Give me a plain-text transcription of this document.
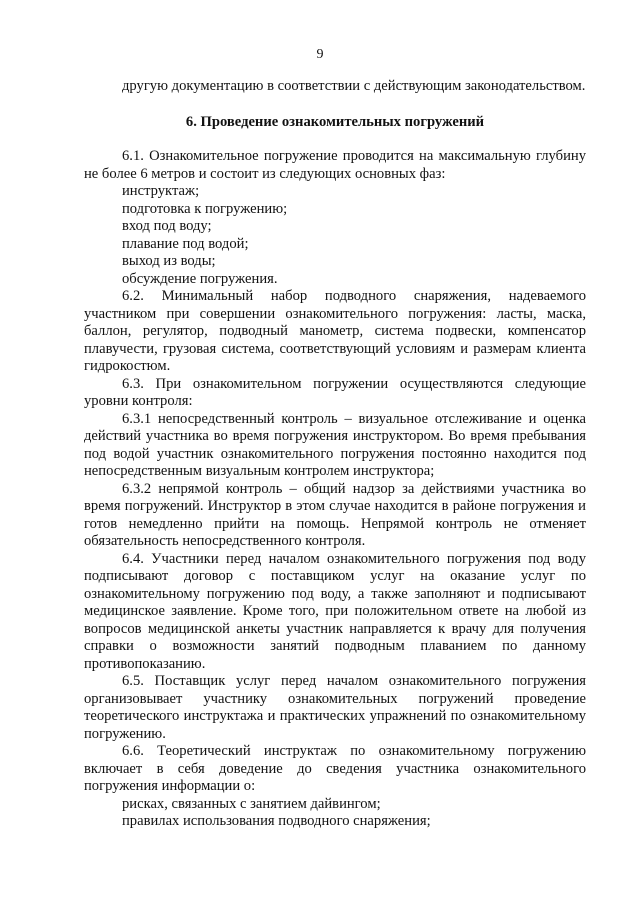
9

другую документацию в соответствии с действующим законодательством.

6. Проведение ознакомительных погружений

6.1. Ознакомительное погружение проводится на максимальную глубину не более 6 метров и состоит из следующих основных фаз:

инструктаж;

подготовка к погружению;

вход под воду;

плавание под водой;

выход из воды;

обсуждение погружения.

6.2. Минимальный набор подводного снаряжения, надеваемого участником при совершении ознакомительного погружения: ласты, маска, баллон, регулятор, подводный манометр, система подвески, компенсатор плавучести, грузовая система, соответствующий условиям и размерам клиента гидрокостюм.

6.3. При ознакомительном погружении осуществляются следующие уровни контроля:

6.3.1 непосредственный контроль – визуальное отслеживание и оценка действий участника во время погружения инструктором. Во время пребывания под водой участник ознакомительного погружения постоянно находится под непосредственным визуальным контролем инструктора;

6.3.2 непрямой контроль – общий надзор за действиями участника во время погружений. Инструктор в этом случае находится в районе погружения и готов немедленно прийти на помощь. Непрямой контроль не отменяет обязательность непосредственного контроля.

6.4. Участники перед началом ознакомительного погружения под воду подписывают договор с поставщиком услуг на оказание услуг по ознакомительному погружению под воду, а также заполняют и подписывают медицинское заявление. Кроме того, при положительном ответе на любой из вопросов медицинской анкеты участник направляется к врачу для получения справки о возможности занятий подводным плаванием по данному противопоказанию.

6.5. Поставщик услуг перед началом ознакомительного погружения организовывает участнику ознакомительных погружений проведение теоретического инструктажа и практических упражнений по ознакомительному погружению.

6.6. Теоретический инструктаж по ознакомительному погружению включает в себя доведение до сведения участника ознакомительного погружения информации о:

рисках, связанных с занятием дайвингом;

правилах использования подводного снаряжения;
